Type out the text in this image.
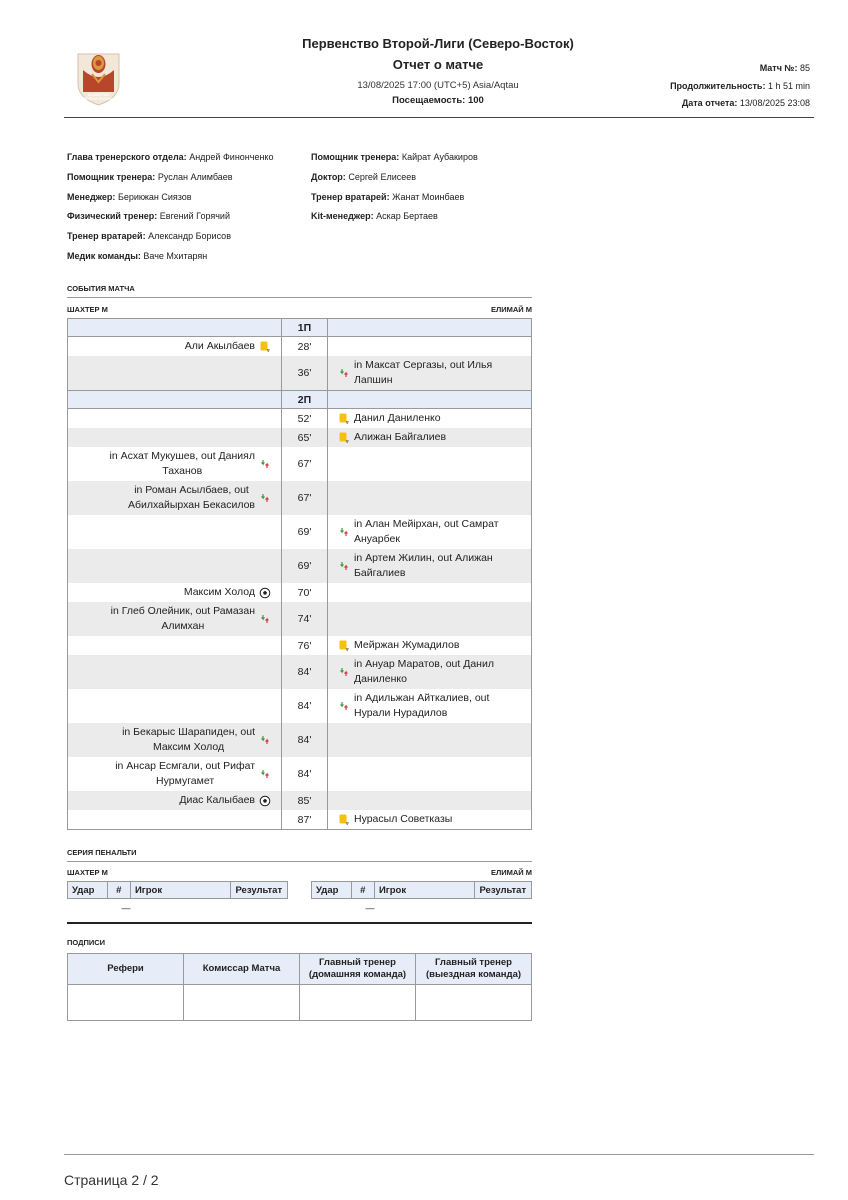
КАЗАКСТАН
ФУТБОЛ ЛИГАСЫ
Первенство Второй-Лиги (Северо-Восток)
Отчет о матче
13/08/2025 17:00 (UTC+5) Asia/Aqtau
Посещаемость: 100
Матч №: 85
Продолжительность: 1 h 51 min
Дата отчета: 13/08/2025 23:08
Глава тренерского отдела: Андрей Финонченко
Помощник тренера: Руслан Алимбаев
Менеджер: Берикжан Сиязов
Физический тренер: Евгений Горячий
Тренер вратарей: Александр Борисов
Медик команды: Ваче Мхитарян
Помощник тренера: Кайрат Аубакиров
Доктор: Сергей Елисеев
Тренер вратарей: Жанат Моинбаев
Kit-менеджер: Аскар Бертаев
СОБЫТИЯ МАТЧА
ШАХТЕР М	ЕЛИМАЙ М
	1П	

Али Акылбаев	28'	
	36'	in Максат Сергазы, out Илья
Лапшин

	2П	
	52'	Данил Даниленко

	65'	Алижан Байгалиев

in Асхат Мукушев, out Даниял
Таханов	67'	

in Роман Асылбаев, out
Абилхайырхан Бекасилов	67'	
	69'	in Алан Мейірхан, out Самрат
Ануарбек

	69'	in Артем Жилин, out Алижан
Байгалиев

Максим Холод	70'	

in Глеб Олейник, out Рамазан
Алимхан	74'	
	76'	Мейржан Жумадилов

	84'	in Ануар Маратов, out Данил
Даниленко

	84'	in Адильжан Айткалиев, out
Нурали Нурадилов

in Бекарыс Шарапиден, out
Максим Холод	84'	

in Ансар Есмгали, out Рифат
Нурмугамет	84'	

Диас Калыбаев	85'	
	87'	Нурасыл Советказы
СЕРИЯ ПЕНАЛЬТИ
ШАХТЕР М	ЕЛИМАЙ М
Удар	#	Игрок	Результат
—			
Удар	#	Игрок	Результат
—			
ПОДПИСИ
Рефери	Комиссар Матча	Главный тренер (домашняя команда)	Главный тренер (выездная команда)

Страница 2 / 2
